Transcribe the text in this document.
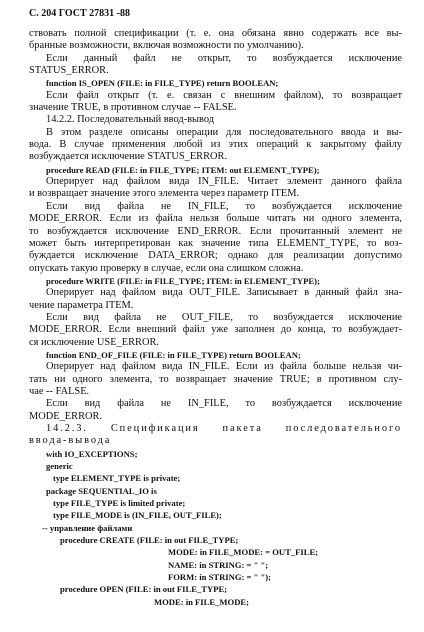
С. 204 ГОСТ 27831 -88
ствовать полной спецификации (т. е. она обязана явно содержать все вы-
бранные возможности, включая возможности по умолчанию).
Если данный файл не открыт, то возбуждается исключение
STATUS_ERROR.
function IS_OPEN (FILE: in FILE_TYPE) return BOOLEAN;
Если файл открыт (т. е. связан с внешним файлом), то возвращает
значение TRUE, в противном случае -- FALSE.
14.2.2. Последовательный ввод-вывод
В этом разделе описаны операции для последовательного ввода и вы-
вода. В случае применения любой из этих операций к закрытому файлу
возбуждается исключение STATUS_ERROR.
procedure READ (FILE: in FILE_TYPE; ITEM: out ELEMENT_TYPE);
Оперирует над файлом вида IN_FILE. Читает элемент данного файла
и возвращает значение этого элемента через параметр ITEM.
Если вид файла не IN_FILE, то возбуждается исключение
MODE_ERROR. Если из файла нельзя больше читать ни одного элемента,
то возбуждается исключение END_ERROR. Если прочитанный элемент не
может быть интерпретирован как значение типа ELEMENT_TYPE, то воз-
буждается исключение DATA_ERROR; однако для реализации допустимо
опускать такую проверку в случае, если она слишком сложна.
procedure WRITE (FILE: in FILE_TYPE; ITEM: in ELEMENT_TYPE);
Оперирует над файлом вида OUT_FILE. Записывает в данный файл зна-
чение параметра ITEM.
Если вид файла не OUT_FILE, то возбуждается исключение
MODE_ERROR. Если внешний файл уже заполнен до конца, то возбуждает-
ся исключение USE_ERROR.
function END_OF_FILE (FILE: in FILE_TYPE) return BOOLEAN;
Оперирует над файлом вида IN_FILE. Если из файла больше нельзя чи-
тать ни одного элемента, то возвращает значение TRUE; в противном слу-
чае -- FALSE.
Если вид файла не IN_FILE, то возбуждается исключение
MODE_ERROR.
14.2.3. Спецификация пакета последовательного
ввода-вывода
with IO_EXCEPTIONS;
generic
type ELEMENT_TYPE is private;
package SEQUENTIAL_IO is
type FILE_TYPE is limited private;
type FILE_MODE is (IN_FILE, OUT_FILE);
-- управление файлами
procedure CREATE (FILE: in out FILE_TYPE;
MODE: in FILE_MODE: = OUT_FILE;
NAME: in STRING: = " ";
FORM: in STRING: = " ");
procedure OPEN (FILE: in out FILE_TYPE;
MODE: in FILE_MODE;
